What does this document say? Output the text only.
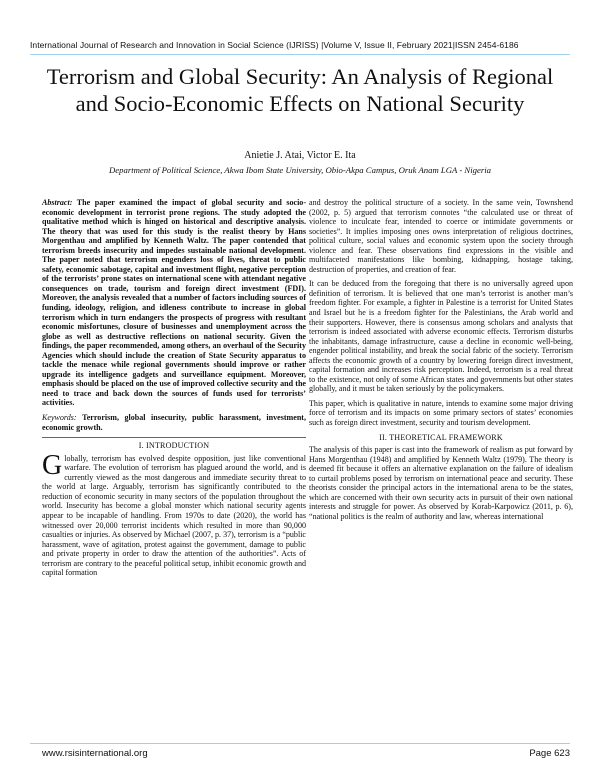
International Journal of Research and Innovation in Social Science (IJRISS) |Volume V, Issue II, February 2021|ISSN 2454-6186
Terrorism and Global Security: An Analysis of Regional and Socio-Economic Effects on National Security
Anietie J. Atai, Victor E. Ita
Department of Political Science, Akwa Ibom State University, Obio-Akpa Campus, Oruk Anam LGA - Nigeria

Abstract: The paper examined the impact of global security and socio-economic development in terrorist prone regions. The study adopted the qualitative method which is hinged on historical and descriptive analysis. The theory that was used for this study is the realist theory by Hans Morgenthau and amplified by Kenneth Waltz. The paper contended that terrorism breeds insecurity and impedes sustainable national development. The paper noted that terrorism engenders loss of lives, threat to public safety, economic sabotage, capital and investment flight, negative perception of the terrorists’ prone states on international scene with attendant negative consequences on trade, tourism and foreign direct investment (FDI). Moreover, the analysis revealed that a number of factors including sources of funding, ideology, religion, and idleness contribute to increase in global terrorism which in turn endangers the prospects of progress with resultant economic misfortunes, closure of businesses and unemployment across the globe as well as destructive reflections on national security. Given the findings, the paper recommended, among others, an overhaul of the Security Agencies which should include the creation of State Security apparatus to tackle the menace while regional governments should improve or rather upgrade its intelligence gadgets and surveillance equipment. Moreover, emphasis should be placed on the use of improved collective security and the need to trace and back down the sources of funds used for terrorists’ activities.

Keywords: Terrorism, global insecurity, public harassment, investment, economic growth.

I. INTRODUCTION

Globally, terrorism has evolved despite opposition, just like conventional warfare. The evolution of terrorism has plagued around the world, and is currently viewed as the most dangerous and immediate security threat to the world at large. Arguably, terrorism has significantly contributed to the reduction of economic security in many sectors of the population throughout the world. Insecurity has become a global monster which national security agents appear to be incapable of handling. From 1970s to date (2020), the world has witnessed over 20,000 terrorist incidents which resulted in more than 90,000 casualties or injuries. As observed by Michael (2007, p. 37), terrorism is a “public harassment, wave of agitation, protest against the government, damage to public and private property in order to draw the attention of the authorities”. Acts of terrorism are contrary to the peaceful political setup, inhibit economic growth and capital formation

and destroy the political structure of a society. In the same vein, Townshend (2002, p. 5) argued that terrorism connotes “the calculated use or threat of violence to inculcate fear, intended to coerce or intimidate governments or societies”. It implies imposing ones owns interpretation of religious doctrines, political culture, social values and economic system upon the society through violence and fear. These observations find expressions in the visible and multifaceted manifestations like bombing, kidnapping, hostage taking, destruction of properties, and creation of fear.

It can be deduced from the foregoing that there is no universally agreed upon definition of terrorism. It is believed that one man’s terrorist is another man’s freedom fighter. For example, a fighter in Palestine is a terrorist for United States and Israel but he is a freedom fighter for the Palestinians, the Arab world and their supporters. However, there is consensus among scholars and analysts that terrorism is indeed associated with adverse economic effects. Terrorism disturbs the inhabitants, damage infrastructure, cause a decline in economic well-being, engender political instability, and break the social fabric of the society. Terrorism affects the economic growth of a country by lowering foreign direct investment, capital formation and increases risk perception. Indeed, terrorism is a real threat to the existence, not only of some African states and governments but other states globally, and it must be taken seriously by the policymakers.

This paper, which is qualitative in nature, intends to examine some major driving force of terrorism and its impacts on some primary sectors of states’ economies such as foreign direct investment, security and tourism development.

II. THEORETICAL FRAMEWORK

The analysis of this paper is cast into the framework of realism as put forward by Hans Morgenthau (1948) and amplified by Kenneth Waltz (1979). The theory is deemed fit because it offers an alternative explanation on the failure of idealism to curtail problems posed by terrorism on international peace and security. These theorists consider the principal actors in the international arena to be the states, which are concerned with their own security acts in pursuit of their own national interests and struggle for power. As observed by Korab-Karpowicz (2011, p. 6), “national politics is the realm of authority and law, whereas international

www.rsisinternational.org	Page 623
